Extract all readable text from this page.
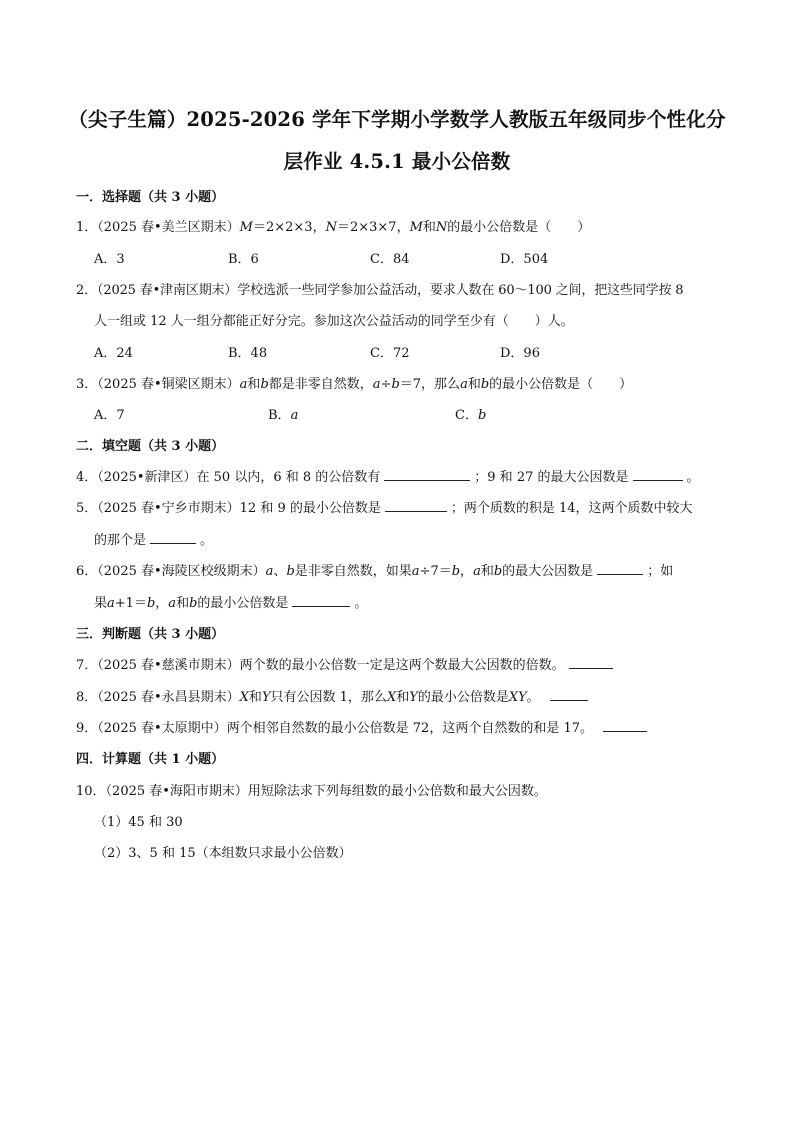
（尖子生篇）2025-2026 学年下学期小学数学人教版五年级同步个性化分
层作业 4.5.1 最小公倍数
一．选择题（共 3 小题）
1．（2025 春•美兰区期末）M＝2×2×3，N＝2×3×7，M和N的最小公倍数是（　　）
A．3	B．6	C．84	D．504
2．（2025 春•津南区期末）学校选派一些同学参加公益活动，要求人数在 60～100 之间，把这些同学按 8
人一组或 12 人一组分都能正好分完。参加这次公益活动的同学至少有（　　）人。
A．24	B．48	C．72	D．96
3．（2025 春•铜梁区期末）a和b都是非零自然数，a÷b＝7，那么a和b的最小公倍数是（　　）
A．7	B．a	C．b
二．填空题（共 3 小题）
4．（2025•新津区）在 50 以内，6 和 8 的公倍数有	；9 和 27 的最大公因数是	。
5．（2025 春•宁乡市期末）12 和 9 的最小公倍数是	；两个质数的积是 14，这两个质数中较大
的那个是	。
6．（2025 春•海陵区校级期末）a、b是非零自然数，如果a÷7＝b，a和b的最大公因数是	；如
果a+1＝b，a和b的最小公倍数是	。
三．判断题（共 3 小题）
7．（2025 春•慈溪市期末）两个数的最小公倍数一定是这两个数最大公因数的倍数。
8．（2025 春•永昌县期末）X和Y只有公因数 1，那么X和Y的最小公倍数是XY。
9．（2025 春•太原期中）两个相邻自然数的最小公倍数是 72，这两个自然数的和是 17。
四．计算题（共 1 小题）
10．（2025 春•海阳市期末）用短除法求下列每组数的最小公倍数和最大公因数。
（1）45 和 30
（2）3、5 和 15（本组数只求最小公倍数）
